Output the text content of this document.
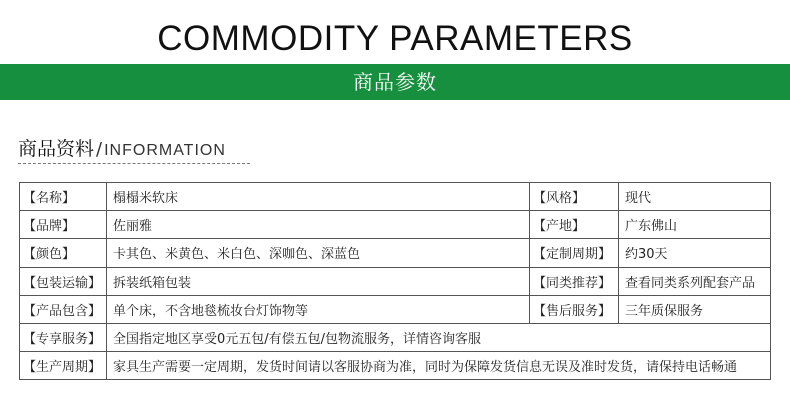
COMMODITY PARAMETERS
商品参数
商品资料 / INFORMATION
【名称】	榻榻米软床	【风格】	现代
【品牌】	佐丽雅	【产地】	广东佛山
【颜色】	卡其色、米黄色、米白色、深咖色、深蓝色	【定制周期】	约30天
【包装运输】	拆装纸箱包装	【同类推荐】	查看同类系列配套产品
【产品包含】	单个床，不含地毯梳妆台灯饰物等	【售后服务】	三年质保服务
【专享服务】	全国指定地区享受0元五包/有偿五包/包物流服务，详情咨询客服		
【生产周期】	家具生产需要一定周期，发货时间请以客服协商为准，同时为保障发货信息无误及准时发货，请保持电话畅通		
